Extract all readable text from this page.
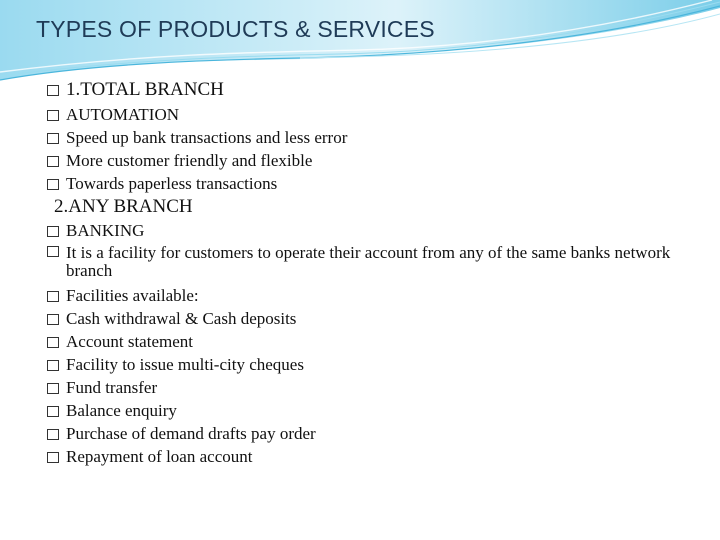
TYPES OF PRODUCTS & SERVICES
1.TOTAL BRANCH
AUTOMATION
Speed up bank transactions and less error
More customer friendly and flexible
Towards paperless transactions
2.ANY BRANCH
BANKING
It is a facility for customers to operate their account from any of the same banks network branch
Facilities available:
Cash withdrawal & Cash deposits
Account statement
Facility to issue multi-city cheques
Fund transfer
Balance enquiry
Purchase of demand drafts pay order
Repayment of loan account
